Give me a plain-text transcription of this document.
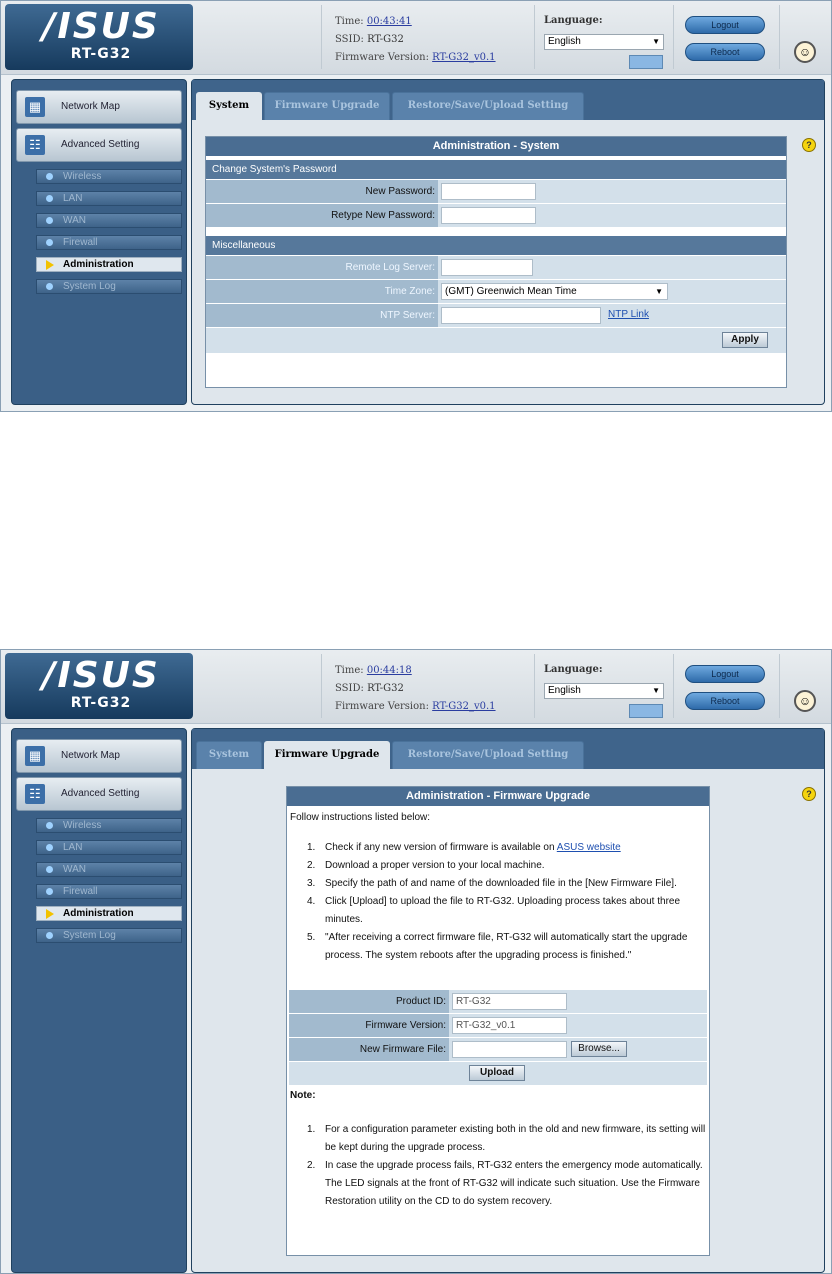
/ISUS
RT-G32
Time: 00:43:41
SSID: RT-G32
Firmware Version: RT-G32_v0.1
Language:
English	▼
Logout
Reboot	☺
▦	Network Map
☷	Advanced Setting
Wireless
LAN
WAN
Firewall
Administration
System Log
System	Firmware Upgrade	Restore/Save/Upload Setting
?
Administration - System
Change System's Password
New Password:
Retype New Password:
Miscellaneous
Remote Log Server:
Time Zone:	(GMT) Greenwich Mean Time	▼
NTP Server:	NTP Link
Apply
/ISUS
RT-G32
Time: 00:44:18
SSID: RT-G32
Firmware Version: RT-G32_v0.1
Language:
English	▼
Logout
Reboot	☺
▦	Network Map
☷	Advanced Setting
Wireless
LAN
WAN
Firewall
Administration
System Log
System	Firmware Upgrade	Restore/Save/Upload Setting
?
Administration - Firmware Upgrade
Follow instructions listed below:
1. Check if any new version of firmware is available on ASUS website
2. Download a proper version to your local machine.
3. Specify the path of and name of the downloaded file in the [New Firmware File].
4. Click [Upload] to upload the file to RT-G32. Uploading process takes about three minutes.
5. "After receiving a correct firmware file, RT-G32 will automatically start the upgrade process. The system reboots after the upgrading process is finished."
Product ID:	RT-G32
Firmware Version:	RT-G32_v0.1
New Firmware File:	Browse...
Upload
Note:
1. For a configuration parameter existing both in the old and new firmware, its setting will be kept during the upgrade process.
2. In case the upgrade process fails, RT-G32 enters the emergency mode automatically. The LED signals at the front of RT-G32 will indicate such situation. Use the Firmware Restoration utility on the CD to do system recovery.
